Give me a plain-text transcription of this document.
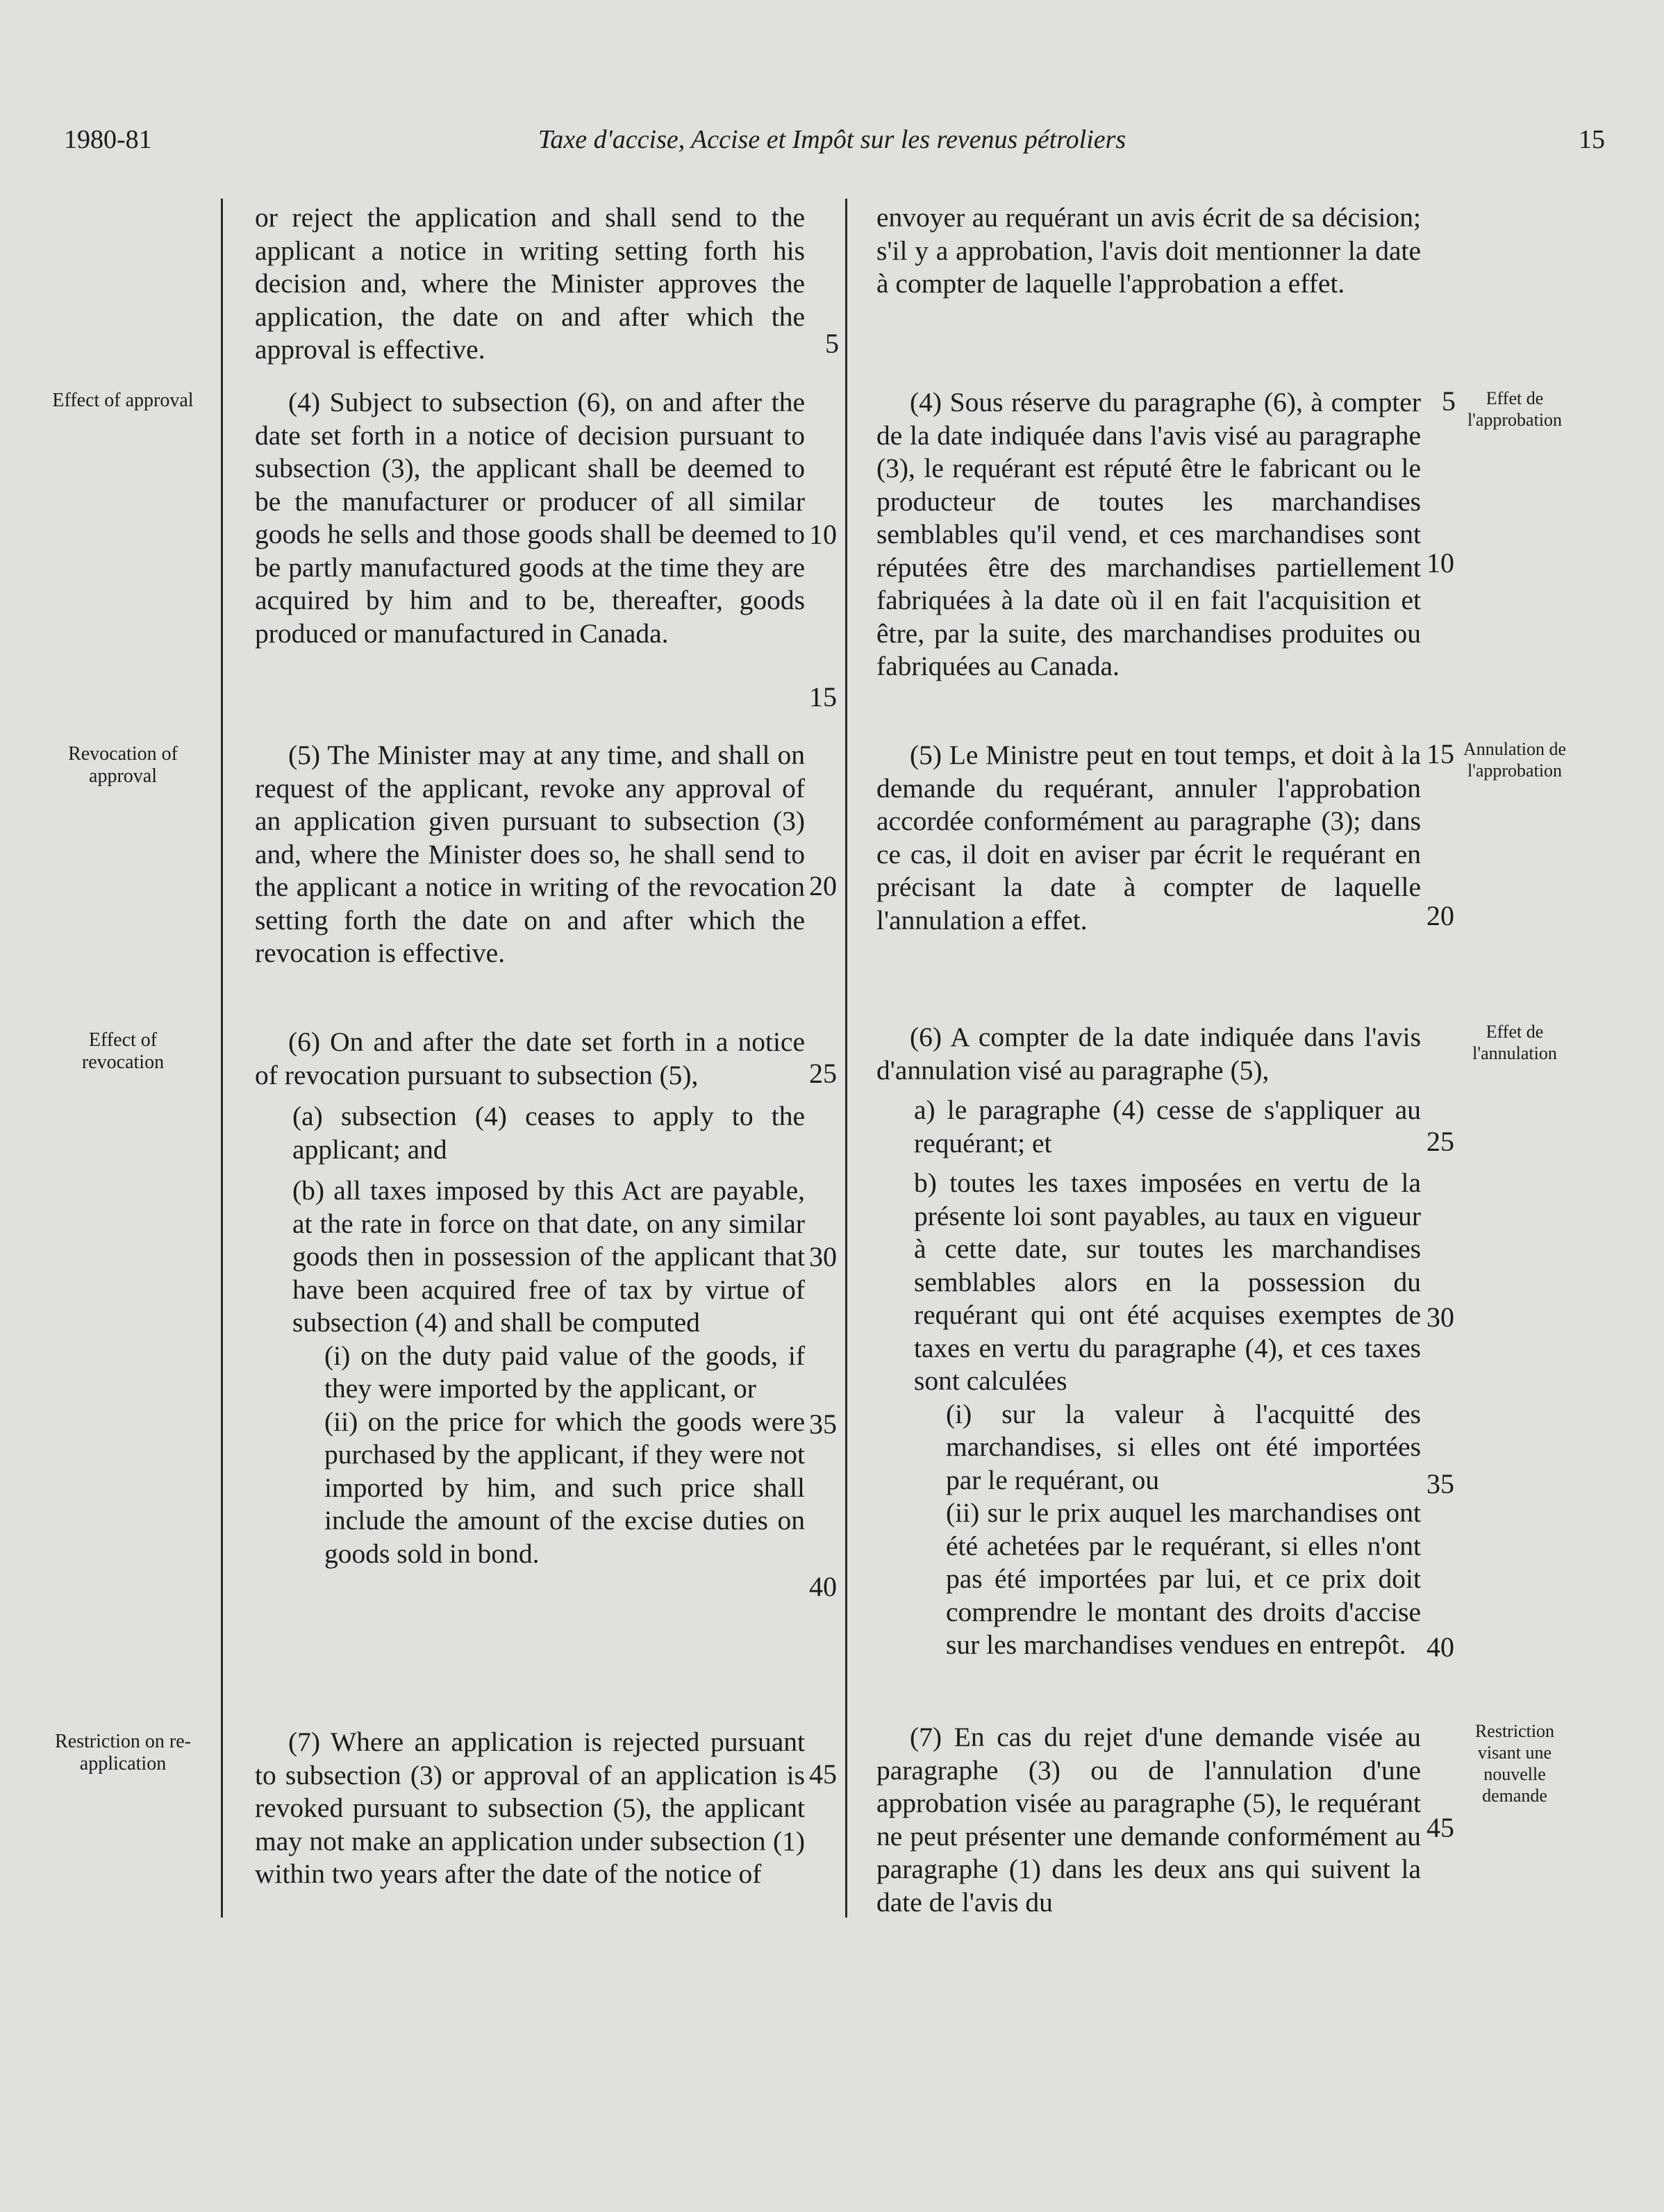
1980-81	Taxe d'accise, Accise et Impôt sur les revenus pétroliers	15
Effect of approval
Revocation of approval
Effect of revocation
Restriction on re-application

or reject the application and shall send to the applicant a notice in writing setting forth his decision and, where the Minister approves the application, the date on and after which the approval is effective.

(4) Subject to subsection (6), on and after the date set forth in a notice of decision pursuant to subsection (3), the applicant shall be deemed to be the manufacturer or producer of all similar goods he sells and those goods shall be deemed to be partly manufactured goods at the time they are acquired by him and to be, thereafter, goods produced or manufactured in Canada.

(5) The Minister may at any time, and shall on request of the applicant, revoke any approval of an application given pursuant to subsection (3) and, where the Minister does so, he shall send to the applicant a notice in writing of the revocation setting forth the date on and after which the revocation is effective.

(6) On and after the date set forth in a notice of revocation pursuant to subsection (5),

(a) subsection (4) ceases to apply to the applicant; and

(b) all taxes imposed by this Act are payable, at the rate in force on that date, on any similar goods then in possession of the applicant that have been acquired free of tax by virtue of subsection (4) and shall be computed

(i) on the duty paid value of the goods, if they were imported by the applicant, or

(ii) on the price for which the goods were purchased by the applicant, if they were not imported by him, and such price shall include the amount of the excise duties on goods sold in bond.

(7) Where an application is rejected pursuant to subsection (3) or approval of an application is revoked pursuant to subsection (5), the applicant may not make an application under subsection (1) within two years after the date of the notice of

5
10
15
20
25
30
35
40
45

envoyer au requérant un avis écrit de sa décision; s'il y a approbation, l'avis doit mentionner la date à compter de laquelle l'approbation a effet.

(4) Sous réserve du paragraphe (6), à compter de la date indiquée dans l'avis visé au paragraphe (3), le requérant est réputé être le fabricant ou le producteur de toutes les marchandises semblables qu'il vend, et ces marchandises sont réputées être des marchandises partiellement fabriquées à la date où il en fait l'acquisition et être, par la suite, des marchandises produites ou fabriquées au Canada.

(5) Le Ministre peut en tout temps, et doit à la demande du requérant, annuler l'approbation accordée conformément au paragraphe (3); dans ce cas, il doit en aviser par écrit le requérant en précisant la date à compter de laquelle l'annulation a effet.

(6) A compter de la date indiquée dans l'avis d'annulation visé au paragraphe (5),

a) le paragraphe (4) cesse de s'appliquer au requérant; et

b) toutes les taxes imposées en vertu de la présente loi sont payables, au taux en vigueur à cette date, sur toutes les marchandises semblables alors en la possession du requérant qui ont été acquises exemptes de taxes en vertu du paragraphe (4), et ces taxes sont calculées

(i) sur la valeur à l'acquitté des marchandises, si elles ont été importées par le requérant, ou

(ii) sur le prix auquel les marchandises ont été achetées par le requérant, si elles n'ont pas été importées par lui, et ce prix doit comprendre le montant des droits d'accise sur les marchandises vendues en entrepôt.

(7) En cas du rejet d'une demande visée au paragraphe (3) ou de l'annulation d'une approbation visée au paragraphe (5), le requérant ne peut présenter une demande conformément au paragraphe (1) dans les deux ans qui suivent la date de l'avis du

5
10
15
20
25
30
35
40
45
Effet de
l'approbation
Annulation de
l'approbation
Effet de
l'annulation
Restriction
visant une
nouvelle
demande
